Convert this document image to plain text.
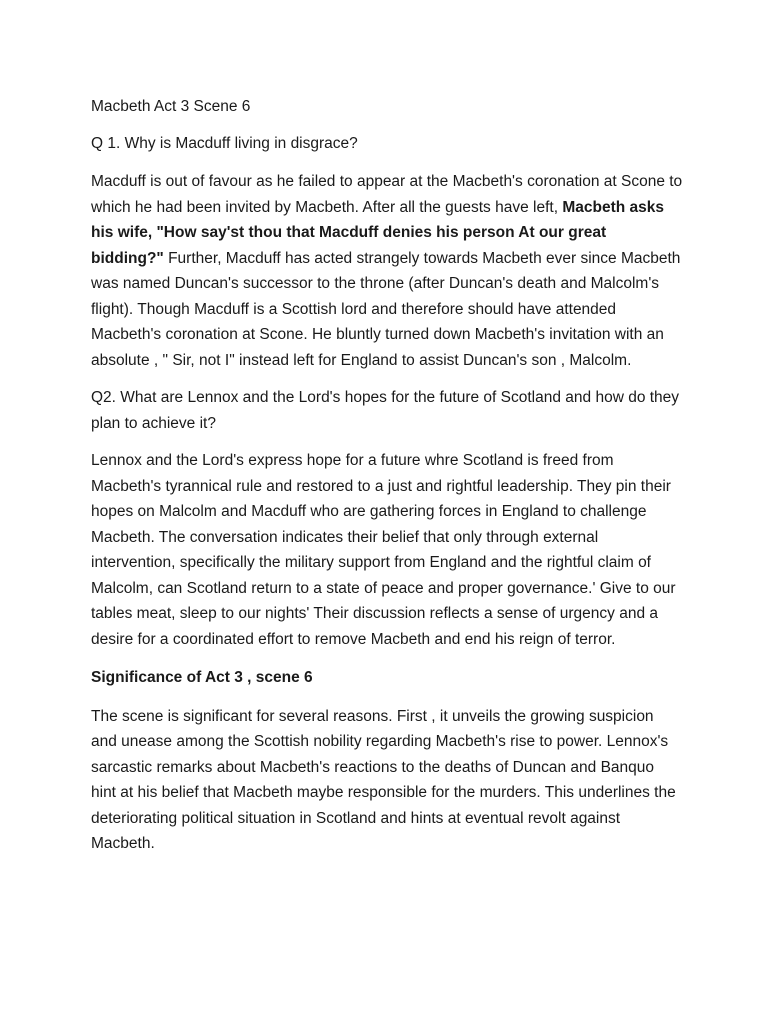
Macbeth Act 3 Scene 6

Q 1. Why is Macduff living in disgrace?

Macduff is out of favour as he failed to appear at the Macbeth's coronation at Scone to which he had been invited by Macbeth. After all the guests have left, Macbeth asks his wife, "How say'st thou that Macduff denies his person At our great bidding?" Further, Macduff has acted strangely towards Macbeth ever since Macbeth was named Duncan's successor to the throne (after Duncan's death and Malcolm's flight). Though Macduff is a Scottish lord and therefore should have attended Macbeth's coronation at Scone. He bluntly turned down Macbeth's invitation with an absolute , " Sir, not I" instead left for England to assist Duncan's son , Malcolm.

Q2. What are Lennox and the Lord's hopes for the future of Scotland and how do they plan to achieve it?

Lennox and the Lord's express hope for a future whre Scotland is freed from Macbeth's tyrannical rule and restored to a just and rightful leadership. They pin their hopes on Malcolm and Macduff who are gathering forces in England to challenge Macbeth. The conversation indicates their belief that only through external intervention, specifically the military support from England and the rightful claim of Malcolm, can Scotland return to a state of peace and proper governance.' Give to our tables meat, sleep to our nights' Their discussion reflects a sense of urgency and a desire for a coordinated effort to remove Macbeth and end his reign of terror.

Significance of Act 3 , scene 6

The scene is significant for several reasons. First , it unveils the growing suspicion and unease among the Scottish nobility regarding Macbeth's rise to power. Lennox's sarcastic remarks about Macbeth's reactions to the deaths of Duncan and Banquo hint at his belief that Macbeth maybe responsible for the murders. This underlines the deteriorating political situation in Scotland and hints at eventual revolt against Macbeth.
